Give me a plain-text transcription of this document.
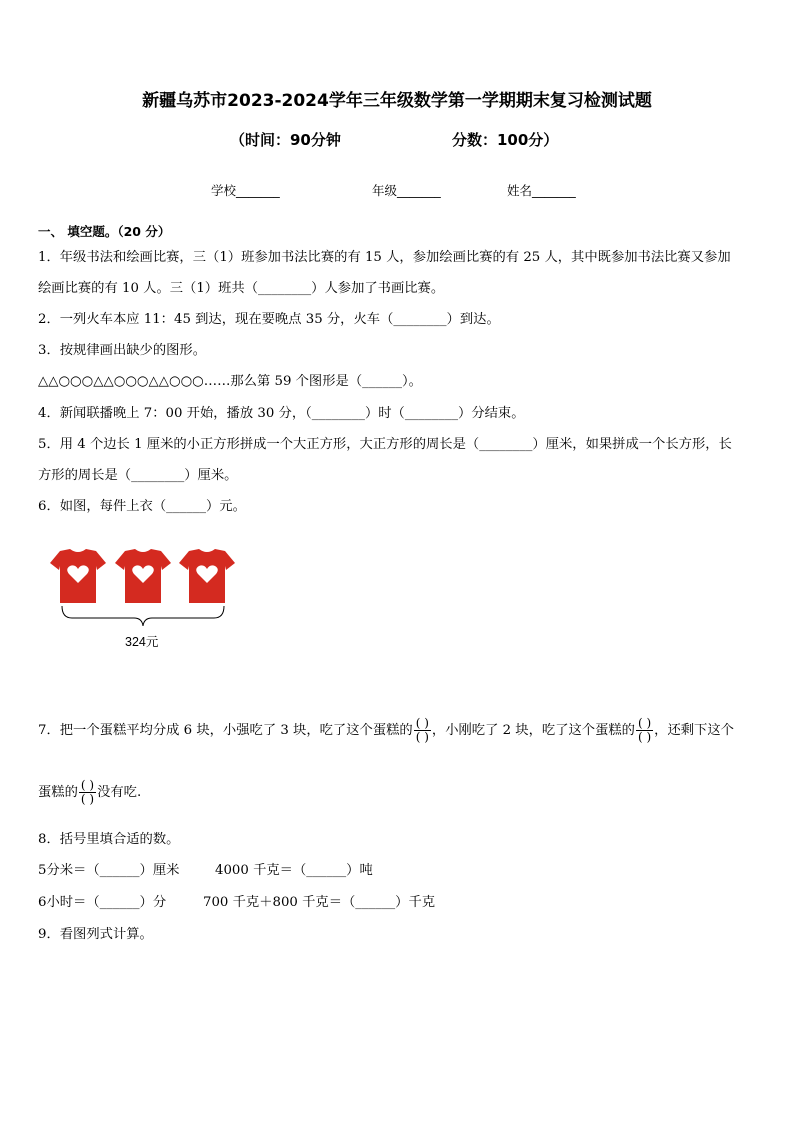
新疆乌苏市2023-2024学年三年级数学第一学期期末复习检测试题
（时间：90分钟	分数：100分）
学校_______	年级_______	姓名_______
一、 填空题。（20 分）
1．年级书法和绘画比赛，三（1）班参加书法比赛的有 15 人，参加绘画比赛的有 25 人，其中既参加书法比赛又参加
绘画比赛的有 10 人。三（1）班共（________）人参加了书画比赛。
2．一列火车本应 11：45 到达，现在要晚点 35 分，火车（________）到达。
3．按规律画出缺少的图形。
△△○○○△△○○○△△○○○……那么第 59 个图形是（______）。
4．新闻联播晚上 7：00 开始，播放 30 分，（________）时（________）分结束。
5．用 4 个边长 1 厘米的小正方形拼成一个大正方形，大正方形的周长是（________）厘米，如果拼成一个长方形，长
方形的周长是（________）厘米。
6．如图，每件上衣（______）元。
324元
7．把一个蛋糕平均分成 6 块，小强吃了 3 块，吃了这个蛋糕的 $\frac{( )}{( )}$ ，小刚吃了 2 块，吃了这个蛋糕的 $\frac{( )}{( )}$ ，还剩下这个
蛋糕的 $\frac{( )}{( )}$ 没有吃.
8．括号里填合适的数。
5分米＝（______）厘米	4000 千克＝（______）吨
6小时＝（______）分	700 千克＋800 千克＝（______）千克
9．看图列式计算。
